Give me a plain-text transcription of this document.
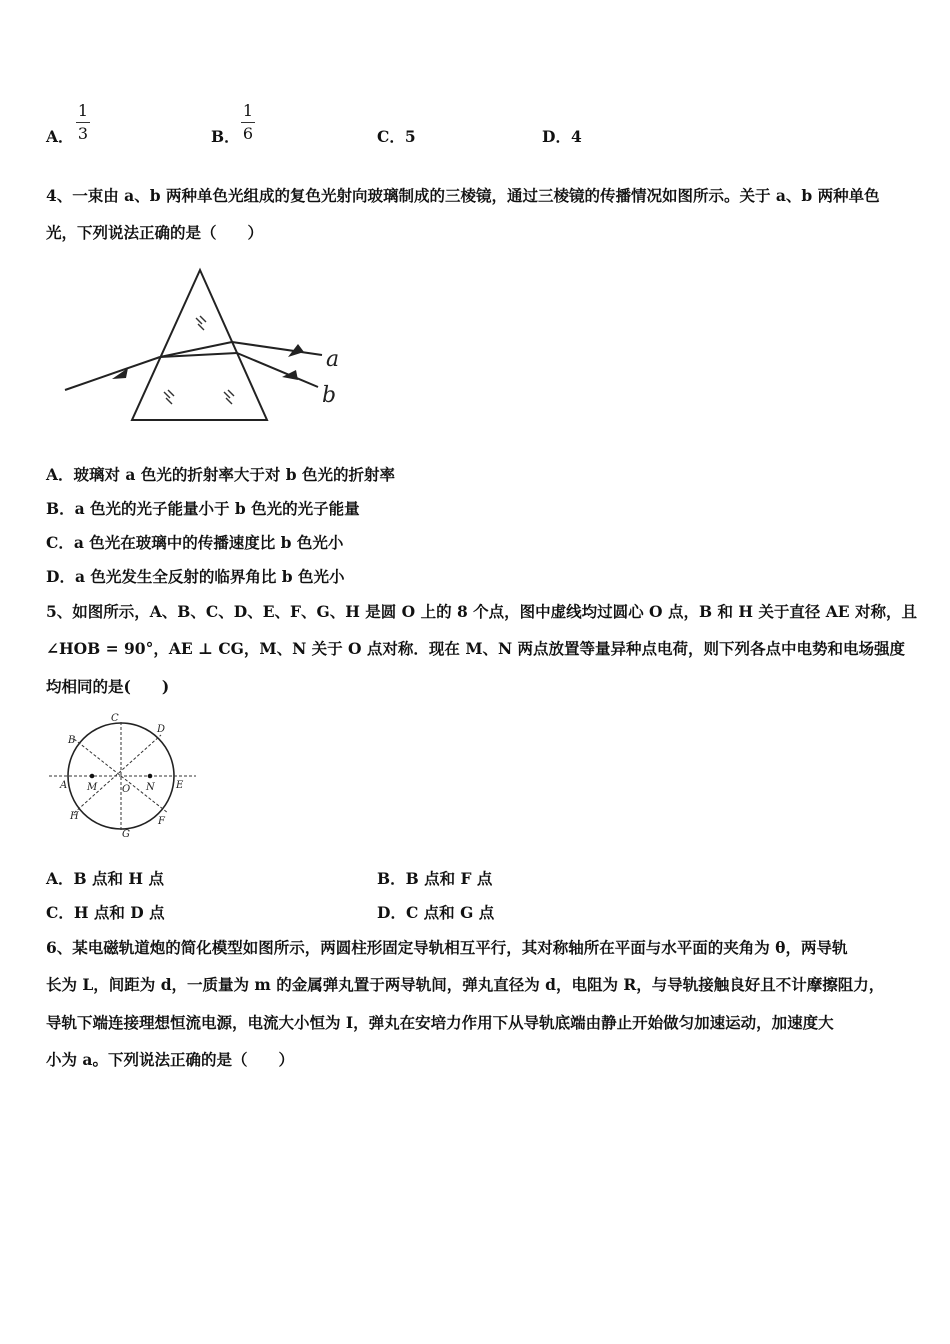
A．
1
3	B．
1
6	C．5	D．4
4、一束由 a、b 两种单色光组成的复色光射向玻璃制成的三棱镜，通过三棱镜的传播情况如图所示。关于 a、b 两种单色
光，下列说法正确的是（　　）
a
b
A．玻璃对 a 色光的折射率大于对 b 色光的折射率
B．a 色光的光子能量小于 b 色光的光子能量
C．a 色光在玻璃中的传播速度比 b 色光小
D．a 色光发生全反射的临界角比 b 色光小
5、如图所示，A、B、C、D、E、F、G、H 是圆 O 上的 8 个点，图中虚线均过圆心 O 点，B 和 H 关于直径 AE 对称，且
∠HOB = 90°，AE ⊥ CG，M、N 关于 O 点对称．现在 M、N 两点放置等量异种点电荷，则下列各点中电势和电场强度
均相同的是(　　)
C
D
B
A M O N E
H
G
F
A．B 点和 H 点	B．B 点和 F 点
C．H 点和 D 点	D．C 点和 G 点
6、某电磁轨道炮的简化模型如图所示，两圆柱形固定导轨相互平行，其对称轴所在平面与水平面的夹角为 θ，两导轨
长为 L，间距为 d，一质量为 m 的金属弹丸置于两导轨间，弹丸直径为 d，电阻为 R，与导轨接触良好且不计摩擦阻力，
导轨下端连接理想恒流电源，电流大小恒为 I，弹丸在安培力作用下从导轨底端由静止开始做匀加速运动，加速度大
小为 a。下列说法正确的是（　　）
